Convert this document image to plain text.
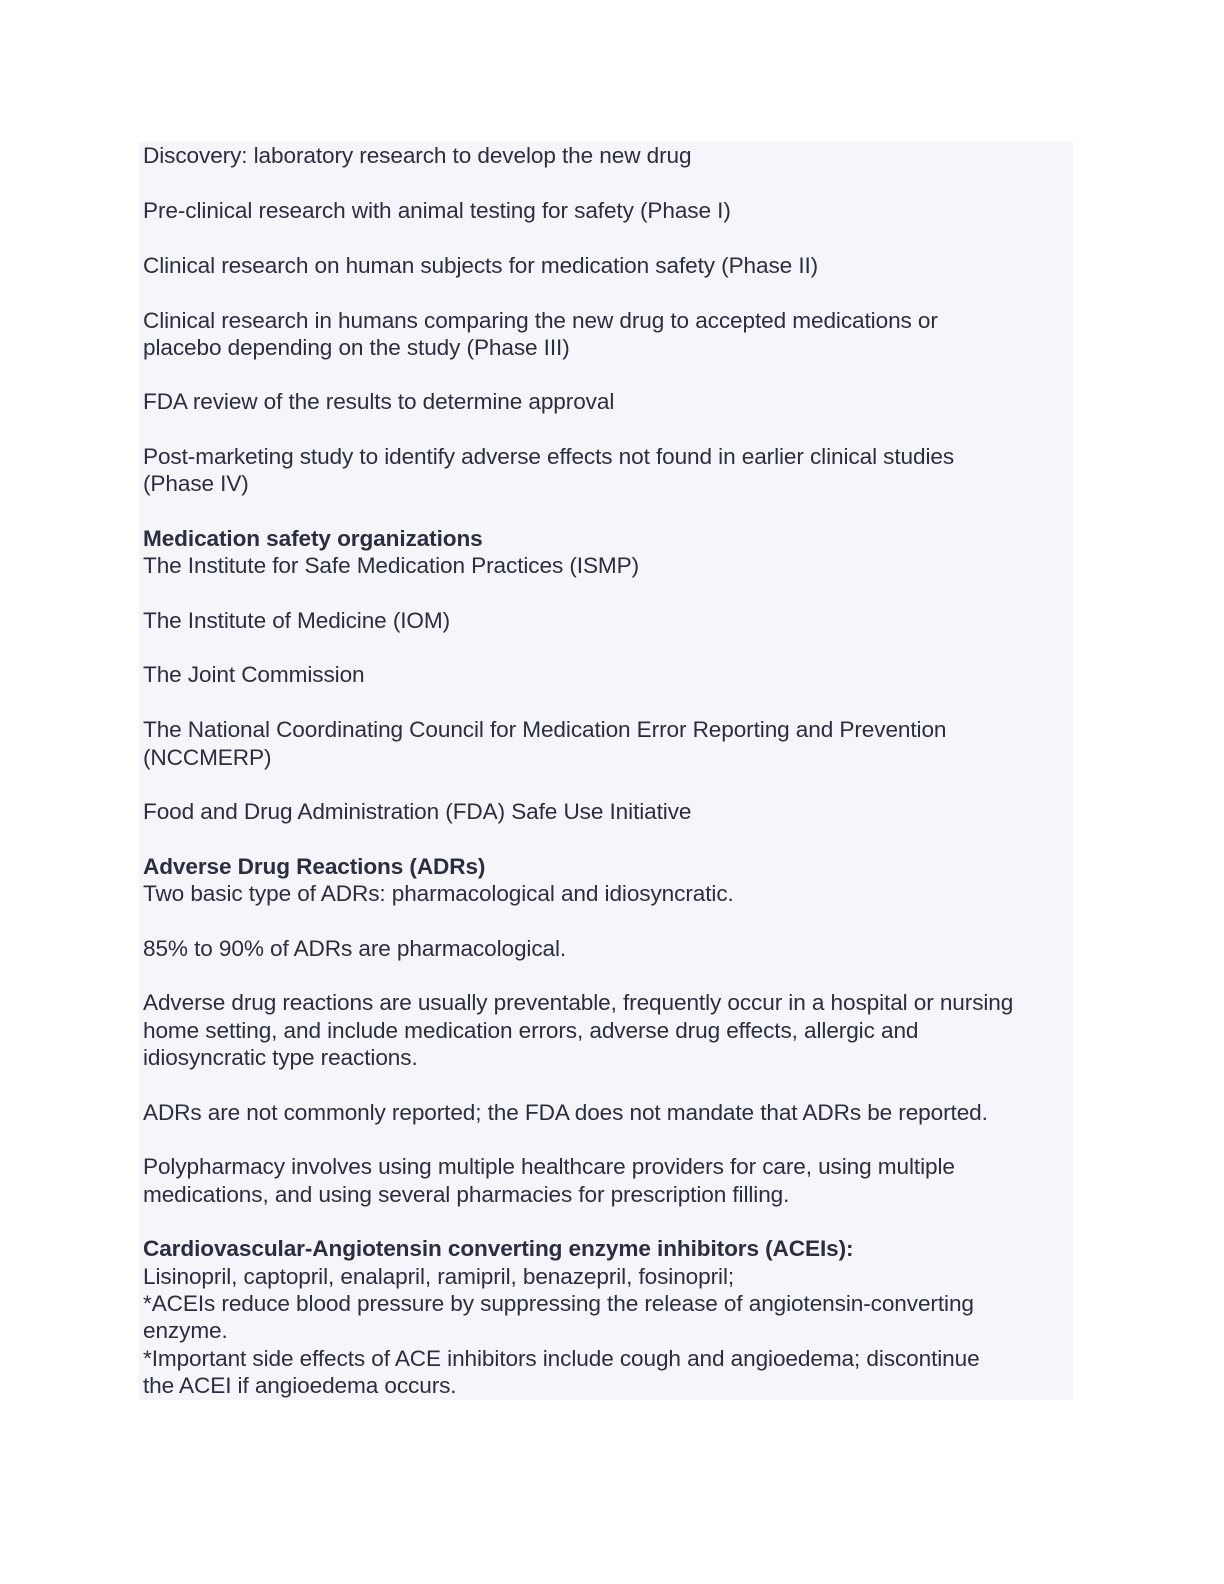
Discovery: laboratory research to develop the new drug
Pre-clinical research with animal testing for safety (Phase I)
Clinical research on human subjects for medication safety (Phase II)
Clinical research in humans comparing the new drug to accepted medications or
placebo depending on the study (Phase III)
FDA review of the results to determine approval
Post-marketing study to identify adverse effects not found in earlier clinical studies
(Phase IV)
Medication safety organizations
The Institute for Safe Medication Practices (ISMP)
The Institute of Medicine (IOM)
The Joint Commission
The National Coordinating Council for Medication Error Reporting and Prevention
(NCCMERP)
Food and Drug Administration (FDA) Safe Use Initiative
Adverse Drug Reactions (ADRs)
Two basic type of ADRs: pharmacological and idiosyncratic.
85% to 90% of ADRs are pharmacological.
Adverse drug reactions are usually preventable, frequently occur in a hospital or nursing
home setting, and include medication errors, adverse drug effects, allergic and
idiosyncratic type reactions.
ADRs are not commonly reported; the FDA does not mandate that ADRs be reported.
Polypharmacy involves using multiple healthcare providers for care, using multiple
medications, and using several pharmacies for prescription filling.
Cardiovascular-Angiotensin converting enzyme inhibitors (ACEIs):
Lisinopril, captopril, enalapril, ramipril, benazepril, fosinopril;
*ACEIs reduce blood pressure by suppressing the release of angiotensin-converting
enzyme.
*Important side effects of ACE inhibitors include cough and angioedema; discontinue
the ACEI if angioedema occurs.
